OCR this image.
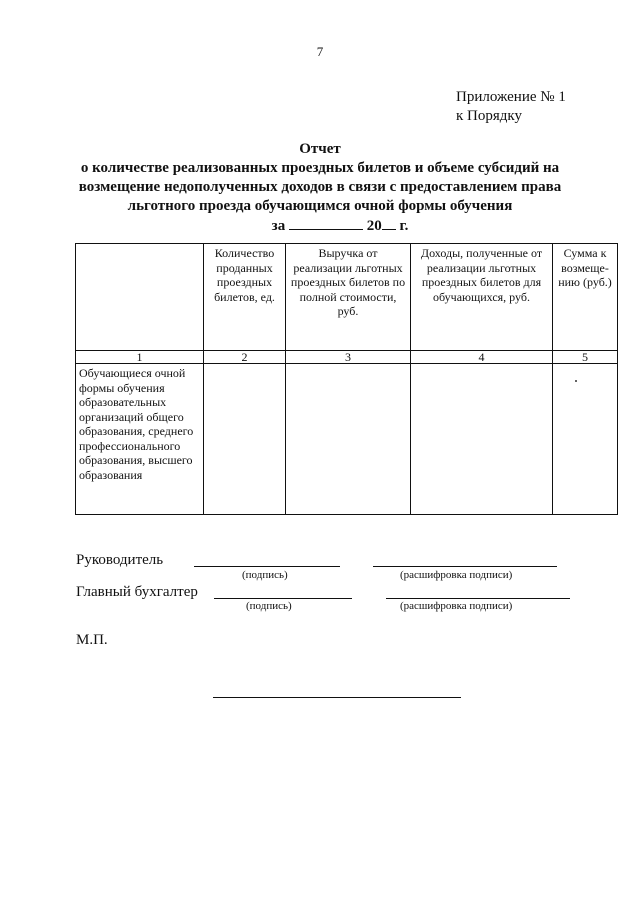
7
Приложение № 1
к Порядку
Отчет
о количестве реализованных проездных билетов и объеме субсидий на
возмещение недополученных доходов в связи с предоставлением права
льготного проезда обучающимся очной формы обучения
за	20 г.
	Количество проданных проездных билетов, ед.	Выручка от реализации льготных проездных билетов по полной стоимости, руб.	Доходы, полученные от реализации льготных проездных билетов для обучающихся, руб.	Сумма к возмеще-нию (руб.)
1	2	3	4	5
Обучающиеся очной формы обучения образовательных организаций общего образования, среднего профессионального образования, высшего образования				
Руководитель
(подпись)	(расшифровка подписи)
Главный бухгалтер
(подпись)	(расшифровка подписи)
М.П.
